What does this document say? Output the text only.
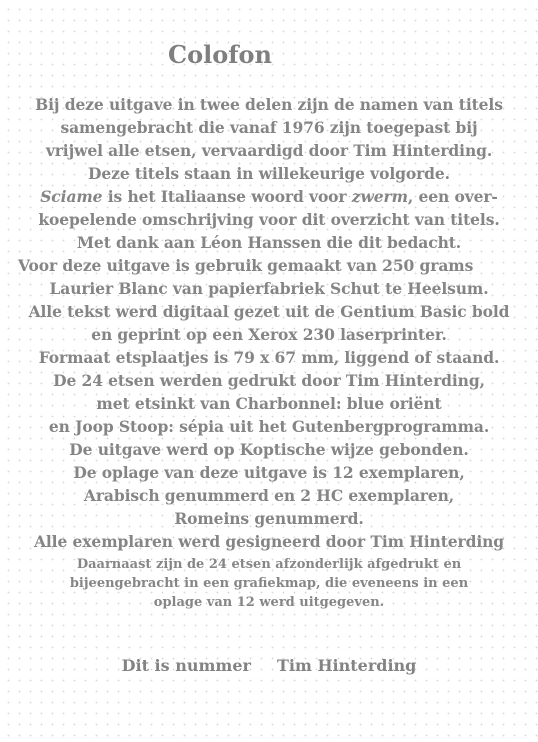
Colofon
Bij deze uitgave in twee delen zijn de namen van titels
samengebracht die vanaf 1976 zijn toegepast bij
vrijwel alle etsen, vervaardigd door Tim Hinterding.
Deze titels staan in willekeurige volgorde.
Sciame is het Italiaanse woord voor zwerm, een over-
koepelende omschrijving voor dit overzicht van titels.
Met dank aan Léon Hanssen die dit bedacht.
Voor deze uitgave is gebruik gemaakt van 250 grams
Laurier Blanc van papierfabriek Schut te Heelsum.
Alle tekst werd digitaal gezet uit de Gentium Basic bold
en geprint op een Xerox 230 laserprinter.
Formaat etsplaatjes is 79 x 67 mm, liggend of staand.
De 24 etsen werden gedrukt door Tim Hinterding,
met etsinkt van Charbonnel: blue oriënt
en Joop Stoop: sépia uit het Gutenbergprogramma.
De uitgave werd op Koptische wijze gebonden.
De oplage van deze uitgave is 12 exemplaren,
Arabisch genummerd en 2 HC exemplaren,
Romeins genummerd.
Alle exemplaren werd gesigneerd door Tim Hinterding
Daarnaast zijn de 24 etsen afzonderlijk afgedrukt en
bijeengebracht in een grafiekmap, die eveneens in een
oplage van 12 werd uitgegeven.
Dit is nummer Tim Hinterding
